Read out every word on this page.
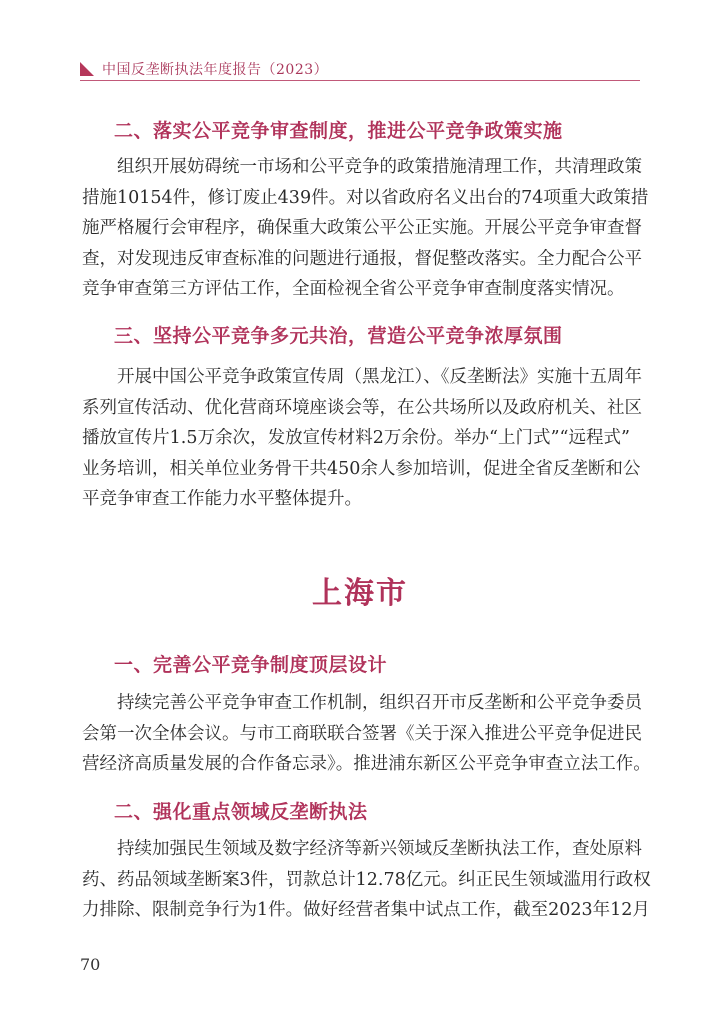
中国反垄断执法年度报告（2023）
二、落实公平竞争审查制度，推进公平竞争政策实施
组织开展妨碍统一市场和公平竞争的政策措施清理工作，共清理政策
措施10154件，修订废止439件。对以省政府名义出台的74项重大政策措
施严格履行会审程序，确保重大政策公平公正实施。开展公平竞争审查督
查，对发现违反审查标准的问题进行通报，督促整改落实。全力配合公平
竞争审查第三方评估工作，全面检视全省公平竞争审查制度落实情况。
三、坚持公平竞争多元共治，营造公平竞争浓厚氛围
开展中国公平竞争政策宣传周（黑龙江）、《反垄断法》实施十五周年
系列宣传活动、优化营商环境座谈会等，在公共场所以及政府机关、社区
播放宣传片1.5万余次，发放宣传材料2万余份。举办“上门式”“远程式”
业务培训，相关单位业务骨干共450余人参加培训，促进全省反垄断和公
平竞争审查工作能力水平整体提升。
一、完善公平竞争制度顶层设计
持续完善公平竞争审查工作机制，组织召开市反垄断和公平竞争委员
会第一次全体会议。与市工商联联合签署《关于深入推进公平竞争促进民
营经济高质量发展的合作备忘录》。推进浦东新区公平竞争审查立法工作。
二、强化重点领域反垄断执法
持续加强民生领域及数字经济等新兴领域反垄断执法工作，查处原料
药、药品领域垄断案3件，罚款总计12.78亿元。纠正民生领域滥用行政权
力排除、限制竞争行为1件。做好经营者集中试点工作，截至2023年12月
上海市
70
